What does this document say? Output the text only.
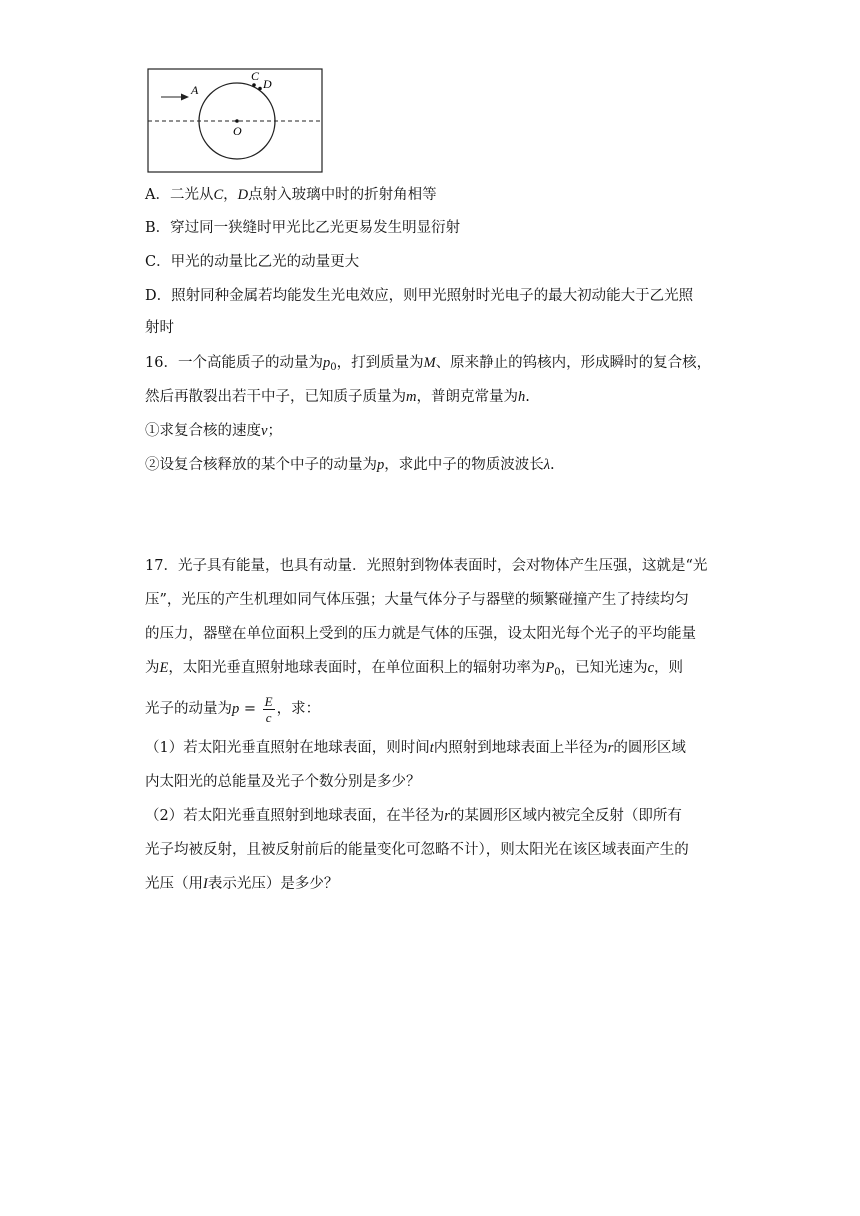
A
C
D
O
A．二光从C，D点射入玻璃中时的折射角相等
B．穿过同一狭缝时甲光比乙光更易发生明显衍射
C．甲光的动量比乙光的动量更大
D．照射同种金属若均能发生光电效应，则甲光照射时光电子的最大初动能大于乙光照
射时
16．一个高能质子的动量为$p_0$，打到质量为M、原来静止的钨核内，形成瞬时的复合核，
然后再散裂出若干中子，已知质子质量为m，普朗克常量为h.
①求复合核的速度v；
②设复合核释放的某个中子的动量为p，求此中子的物质波波长λ.
17．光子具有能量，也具有动量．光照射到物体表面时，会对物体产生压强，这就是“光
压”，光压的产生机理如同气体压强；大量气体分子与器壁的频繁碰撞产生了持续均匀
的压力，器壁在单位面积上受到的压力就是气体的压强，设太阳光每个光子的平均能量
为E，太阳光垂直照射地球表面时，在单位面积上的辐射功率为$P_0$，已知光速为c，则
光子的动量为$p = \frac{E}{c}$ ，求：
（1）若太阳光垂直照射在地球表面，则时间t内照射到地球表面上半径为r的圆形区域
内太阳光的总能量及光子个数分别是多少？
（2）若太阳光垂直照射到地球表面，在半径为r的某圆形区域内被完全反射（即所有
光子均被反射，且被反射前后的能量变化可忽略不计），则太阳光在该区域表面产生的
光压（用I表示光压）是多少？
